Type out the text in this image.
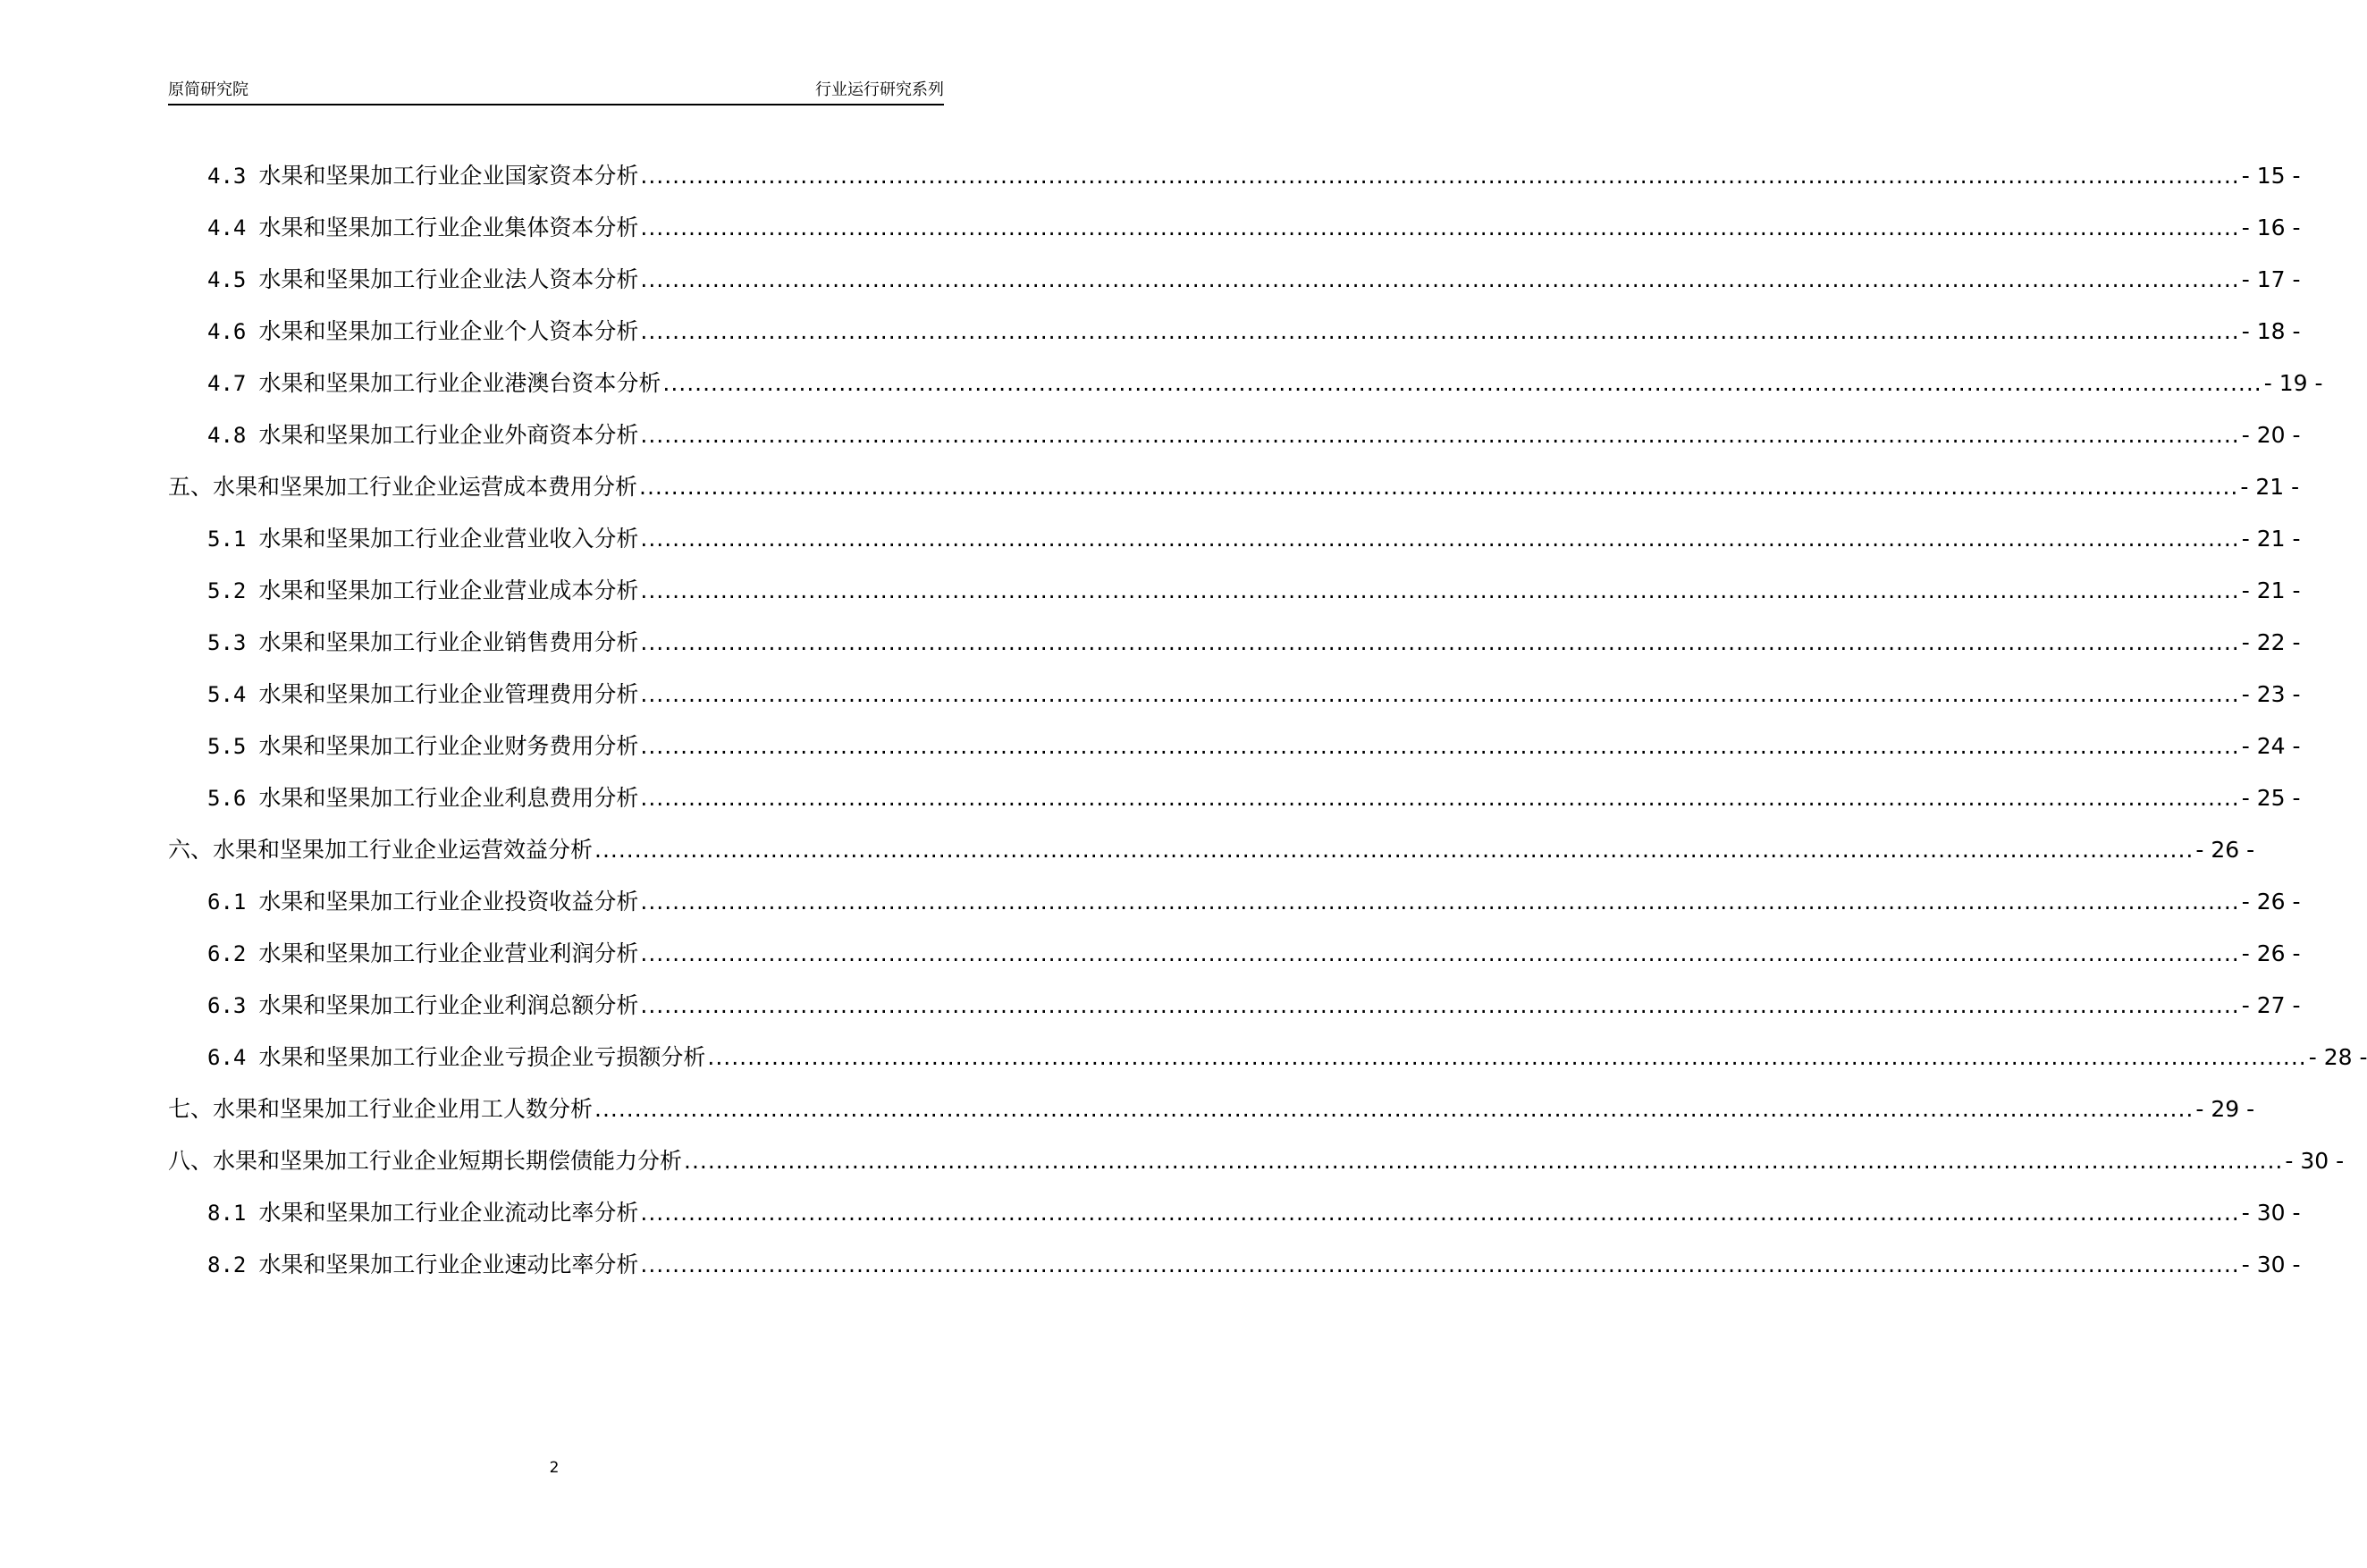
原简研究院	行业运行研究系列
4.3 水果和坚果加工行业企业国家资本分析 ........................................................................................................................................................................................................ - 15 -
4.4 水果和坚果加工行业企业集体资本分析 ........................................................................................................................................................................................................ - 16 -
4.5 水果和坚果加工行业企业法人资本分析 ........................................................................................................................................................................................................ - 17 -
4.6 水果和坚果加工行业企业个人资本分析 ........................................................................................................................................................................................................ - 18 -
4.7 水果和坚果加工行业企业港澳台资本分析 ........................................................................................................................................................................................................ - 19 -
4.8 水果和坚果加工行业企业外商资本分析 ........................................................................................................................................................................................................ - 20 -
五、水果和坚果加工行业企业运营成本费用分析 ........................................................................................................................................................................................................ - 21 -
5.1 水果和坚果加工行业企业营业收入分析 ........................................................................................................................................................................................................ - 21 -
5.2 水果和坚果加工行业企业营业成本分析 ........................................................................................................................................................................................................ - 21 -
5.3 水果和坚果加工行业企业销售费用分析 ........................................................................................................................................................................................................ - 22 -
5.4 水果和坚果加工行业企业管理费用分析 ........................................................................................................................................................................................................ - 23 -
5.5 水果和坚果加工行业企业财务费用分析 ........................................................................................................................................................................................................ - 24 -
5.6 水果和坚果加工行业企业利息费用分析 ........................................................................................................................................................................................................ - 25 -
六、水果和坚果加工行业企业运营效益分析 ........................................................................................................................................................................................................ - 26 -
6.1 水果和坚果加工行业企业投资收益分析 ........................................................................................................................................................................................................ - 26 -
6.2 水果和坚果加工行业企业营业利润分析 ........................................................................................................................................................................................................ - 26 -
6.3 水果和坚果加工行业企业利润总额分析 ........................................................................................................................................................................................................ - 27 -
6.4 水果和坚果加工行业企业亏损企业亏损额分析 ........................................................................................................................................................................................................ - 28 -
七、水果和坚果加工行业企业用工人数分析 ........................................................................................................................................................................................................ - 29 -
八、水果和坚果加工行业企业短期长期偿债能力分析 ........................................................................................................................................................................................................ - 30 -
8.1 水果和坚果加工行业企业流动比率分析 ........................................................................................................................................................................................................ - 30 -
8.2 水果和坚果加工行业企业速动比率分析 ........................................................................................................................................................................................................ - 30 -
2
